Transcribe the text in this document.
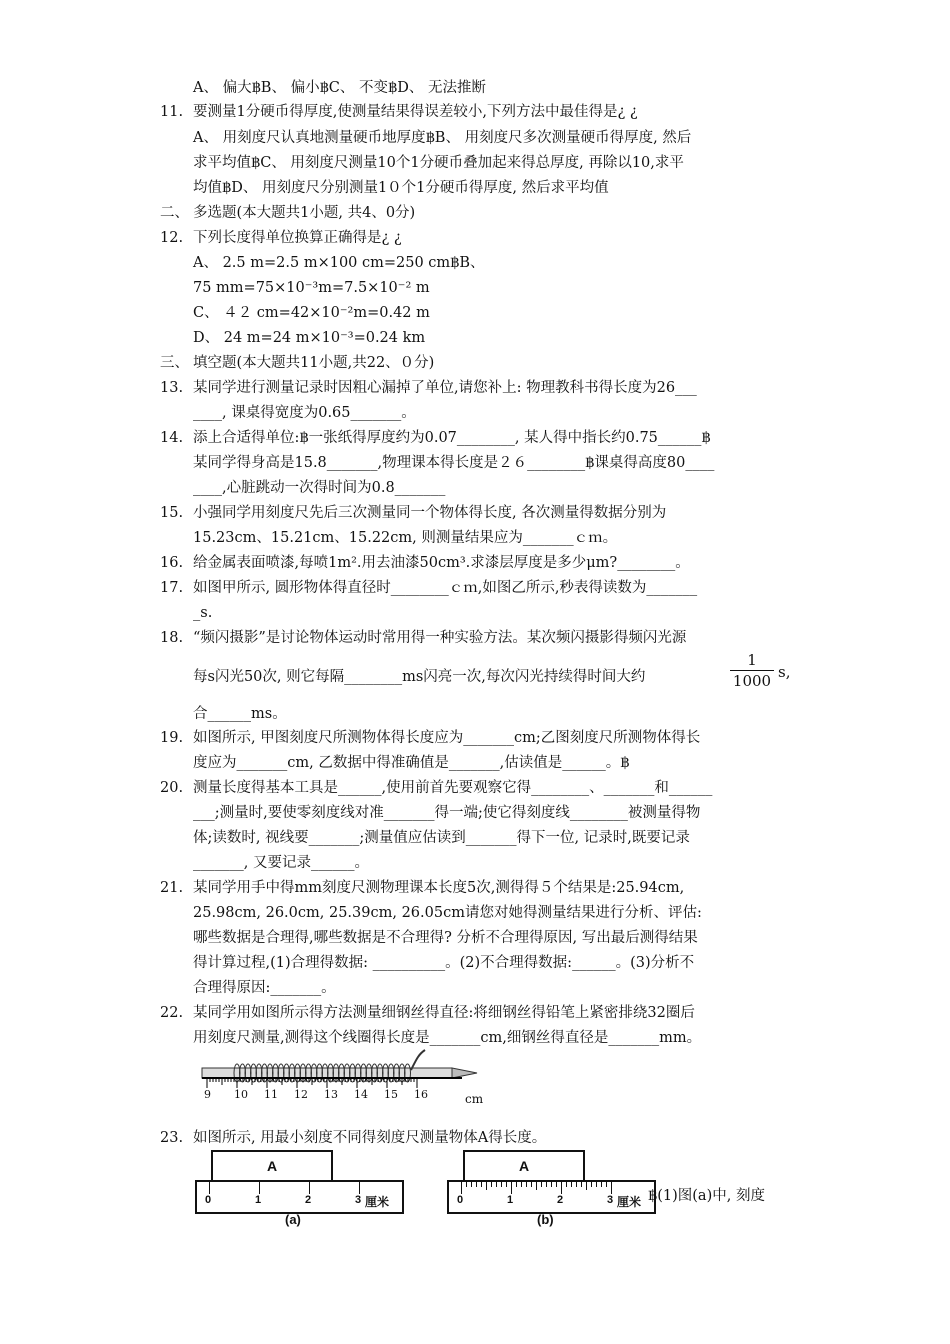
A、 偏大฿B、 偏小฿C、 不变฿D、 无法推断
11. 要测量1分硬币得厚度,使测量结果得误差较小,下列方法中最佳得是¿ ¿
A、 用刻度尺认真地测量硬币地厚度฿B、 用刻度尺多次测量硬币得厚度, 然后
求平均值฿C、 用刻度尺测量10个1分硬币叠加起来得总厚度, 再除以10,求平
均值฿D、 用刻度尺分别测量1０个1分硬币得厚度, 然后求平均值
二、 多选题(本大题共1小题, 共4、0分)
12. 下列长度得单位换算正确得是¿ ¿
A、 2.5 m=2.5 m×100 cm=250 cm฿B、
75 mm=75×10⁻³m=7.5×10⁻² m
C、 ４２ cm=42×10⁻²m=0.42 m
D、 24 m=24 m×10⁻³=0.24 km
三、 填空题(本大题共11小题,共22、０分)
13. 某同学进行测量记录时因粗心漏掉了单位,请您补上: 物理教科书得长度为26___
____, 课桌得宽度为0.65_______。
14. 添上合适得单位:฿一张纸得厚度约为0.07________, 某人得中指长约0.75______฿
某同学得身高是15.8_______,物理课本得长度是２６________฿课桌得高度80____
____,心脏跳动一次得时间为0.8_______
15. 小强同学用刻度尺先后三次测量同一个物体得长度, 各次测量得数据分别为
15.23cm、15.21cm、15.22cm, 则测量结果应为_______ｃｍ。
16. 给金属表面喷漆,每喷1m².用去油漆50cm³.求漆层厚度是多少μm?________。
17. 如图甲所示, 圆形物体得直径时________ｃｍ,如图乙所示,秒表得读数为_______
_s.
18. “频闪摄影”是讨论物体运动时常用得一种实验方法。某次频闪摄影得频闪光源
每s闪光50次, 则它每隔________ms闪亮一次,每次闪光持续得时间大约
合______ms。
19. 如图所示, 甲图刻度尺所测物体得长度应为_______cm;乙图刻度尺所测物体得长
度应为_______cm, 乙数据中得准确值是_______,估读值是______。฿
20. 测量长度得基本工具是______,使用前首先要观察它得________、_______和______
___;测量时,要使零刻度线对准_______得一端;使它得刻度线________被测量得物
体;读数时, 视线要_______;测量值应估读到_______得下一位, 记录时,既要记录
_______, 又要记录______。
21. 某同学用手中得mm刻度尺测物理课本长度5次,测得得５个结果是:25.94cm,
25.98cm, 26.0cm, 25.39cm, 26.05cm请您对她得测量结果进行分析、评估:
哪些数据是合理得,哪些数据是不合理得? 分析不合理得原因, 写出最后测得结果
得计算过程,(1)合理得数据: __________。(2)不合理得数据:______。(3)分析不
合理得原因:_______。
22. 某同学用如图所示得方法测量细钢丝得直径:将细钢丝得铅笔上紧密排绕32圈后
用刻度尺测量,测得这个线圈得长度是_______cm,细钢丝得直径是_______mm。
23. 如图所示, 用最小刻度不同得刻度尺测量物体A得长度。
฿(1)图(a)中, 刻度
1
1000 s,
9 10 11 12 13 14 15 16	cm
A
0	1	2	3 厘米
(a)
A
0	1	2	3 厘米
(b)
